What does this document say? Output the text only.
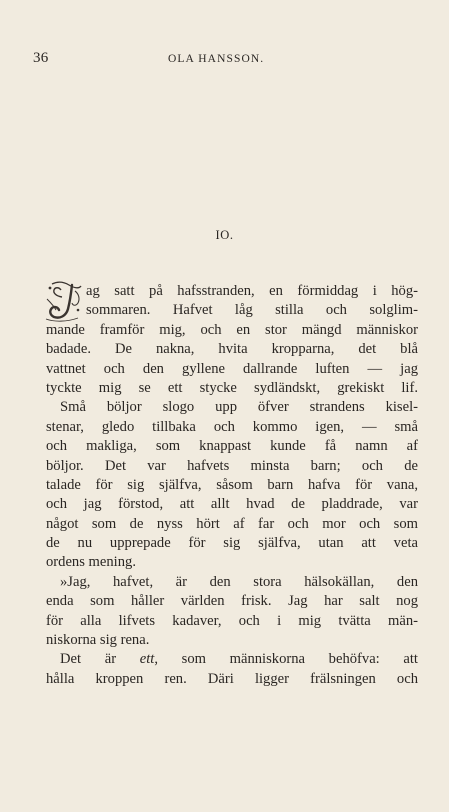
36	OLA HANSSON.
IO.
ag satt på hafsstranden, en förmiddag i hög-
sommaren. Hafvet låg stilla och solglim-
mande framför mig, och en stor mängd människor
badade. De nakna, hvita kropparna, det blå
vattnet och den gyllene dallrande luften — jag
tyckte mig se ett stycke sydländskt, grekiskt lif.
Små böljor slogo upp öfver strandens kisel-
stenar, gledo tillbaka och kommo igen, — små
och makliga, som knappast kunde få namn af
böljor. Det var hafvets minsta barn; och de
talade för sig själfva, såsom barn hafva för vana,
och jag förstod, att allt hvad de pladdrade, var
något som de nyss hört af far och mor och som
de nu upprepade för sig själfva, utan att veta
ordens mening.
»Jag, hafvet, är den stora hälsokällan, den
enda som håller världen frisk. Jag har salt nog
för alla lifvets kadaver, och i mig tvätta män-
niskorna sig rena.
Det är ett, som människorna behöfva: att
hålla kroppen ren. Däri ligger frälsningen och
